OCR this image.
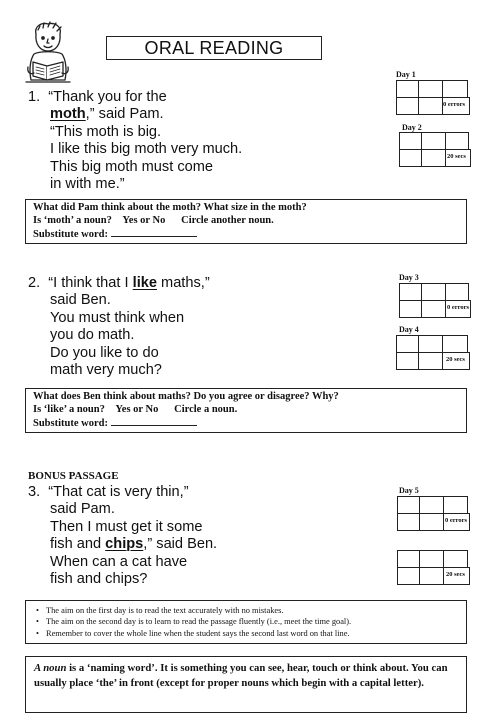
ORAL READING
1. “Thank you for the
moth,” said Pam.
“This moth is big.
I like this big moth very much.
This big moth must come
in with me.”
Day 1
0 errors
Day 2
20 secs
What did Pam think about the moth? What size in the moth?
Is ‘moth’ a noun? Yes or No Circle another noun.
Substitute word:
2. “I think that I like maths,”
said Ben.
You must think when
you do math.
Do you like to do
math very much?
Day 3
0 errors
Day 4
20 secs
What does Ben think about maths? Do you agree or disagree? Why?
Is ‘like’ a noun? Yes or No Circle a noun.
Substitute word:
BONUS PASSAGE
3. “That cat is very thin,”
said Pam.
Then I must get it some
fish and chips,” said Ben.
When can a cat have
fish and chips?
Day 5
0 errors
20 secs
• The aim on the first day is to read the text accurately with no mistakes.
• The aim on the second day is to learn to read the passage fluently (i.e., meet the time goal).
• Remember to cover the whole line when the student says the second last word on that line.
A noun is a ‘naming word’. It is something you can see, hear, touch or think about. You can usually place ‘the’ in front (except for proper nouns which begin with a capital letter).
